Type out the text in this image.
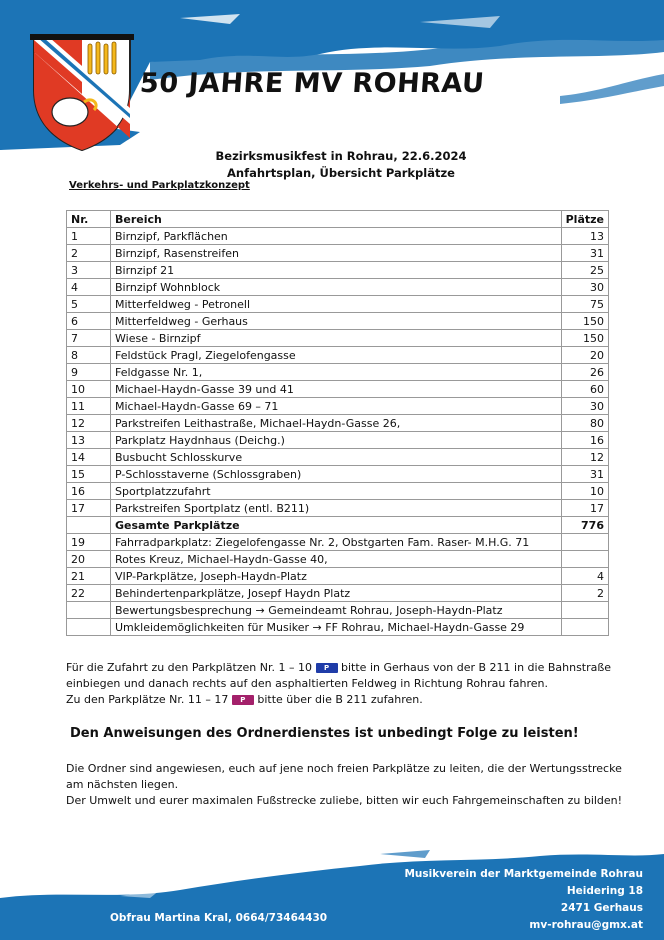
50 JAHRE MV ROHRAU
Bezirksmusikfest in Rohrau, 22.6.2024
Anfahrtsplan, Übersicht Parkplätze
Verkehrs- und Parkplatzkonzept
Nr.	Bereich	Plätze
1	Birnzipf, Parkflächen	13
2	Birnzipf, Rasenstreifen	31
3	Birnzipf 21	25
4	Birnzipf Wohnblock	30
5	Mitterfeldweg - Petronell	75
6	Mitterfeldweg - Gerhaus	150
7	Wiese - Birnzipf	150
8	Feldstück Pragl, Ziegelofengasse	20
9	Feldgasse Nr. 1,	26
10	Michael-Haydn-Gasse 39 und 41	60
11	Michael-Haydn-Gasse 69 – 71	30
12	Parkstreifen Leithastraße, Michael-Haydn-Gasse 26,	80
13	Parkplatz Haydnhaus (Deichg.)	16
14	Busbucht Schlosskurve	12
15	P-Schlosstaverne (Schlossgraben)	31
16	Sportplatzzufahrt	10
17	Parkstreifen Sportplatz (entl. B211)	17
	Gesamte Parkplätze	776
19	Fahrradparkplatz: Ziegelofengasse Nr. 2, Obstgarten Fam. Raser- M.H.G. 71	
20	Rotes Kreuz, Michael-Haydn-Gasse 40,	
21	VIP-Parkplätze, Joseph-Haydn-Platz	4
22	Behindertenparkplätze, Josepf Haydn Platz	2
	Bewertungsbesprechung → Gemeindeamt Rohrau, Joseph-Haydn-Platz	
	Umkleidemöglichkeiten für Musiker → FF Rohrau, Michael-Haydn-Gasse 29	
Für die Zufahrt zu den Parkplätzen Nr. 1 – 10 P bitte in Gerhaus von der B 211 in die Bahnstraße
einbiegen und danach rechts auf den asphaltierten Feldweg in Richtung Rohrau fahren.
Zu den Parkplätze Nr. 11 – 17 P bitte über die B 211 zufahren.
Den Anweisungen des Ordnerdienstes ist unbedingt Folge zu leisten!
Die Ordner sind angewiesen, euch auf jene noch freien Parkplätze zu leiten, die der Wertungsstrecke
am nächsten liegen.
Der Umwelt und eurer maximalen Fußstrecke zuliebe, bitten wir euch Fahrgemeinschaften zu bilden!
Musikverein der Marktgemeinde Rohrau
Heidering 18
2471 Gerhaus
mv-rohrau@gmx.at
Obfrau Martina Kral, 0664/73464430
